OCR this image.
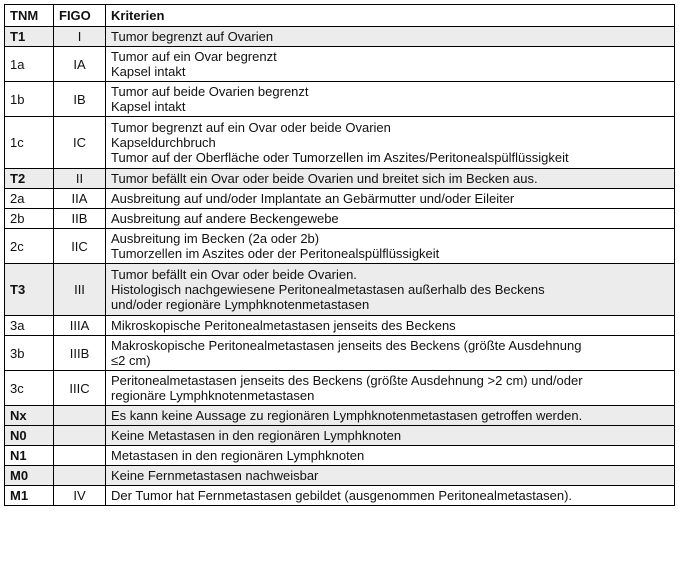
TNM	FIGO	Kriterien
T1	I	Tumor begrenzt auf Ovarien

1a	IA	Tumor auf ein Ovar begrenzt
Kapsel intakt

1b	IB	Tumor auf beide Ovarien begrenzt
Kapsel intakt

1c	IC	Tumor begrenzt auf ein Ovar oder beide Ovarien
Kapseldurchbruch
Tumor auf der Oberfläche oder Tumorzellen im Aszites/Peritonealspülflüssigkeit

T2	II	Tumor befällt ein Ovar oder beide Ovarien und breitet sich im Becken aus.

2a	IIA	Ausbreitung auf und/oder Implantate an Gebärmutter und/oder Eileiter

2b	IIB	Ausbreitung auf andere Beckengewebe

2c	IIC	Ausbreitung im Becken (2a oder 2b)
Tumorzellen im Aszites oder der Peritonealspülflüssigkeit

T3	III	Tumor befällt ein Ovar oder beide Ovarien.
Histologisch nachgewiesene Peritonealmetastasen außerhalb des Beckens
und/oder regionäre Lymphknotenmetastasen

3a	IIIA	Mikroskopische Peritonealmetastasen jenseits des Beckens

3b	IIIB	Makroskopische Peritonealmetastasen jenseits des Beckens (größte Ausdehnung
≤2 cm)

3c	IIIC	Peritonealmetastasen jenseits des Beckens (größte Ausdehnung >2 cm) und/oder
regionäre Lymphknotenmetastasen

Nx		Es kann keine Aussage zu regionären Lymphknotenmetastasen getroffen werden.

N0		Keine Metastasen in den regionären Lymphknoten

N1		Metastasen in den regionären Lymphknoten

M0		Keine Fernmetastasen nachweisbar

M1	IV	Der Tumor hat Fernmetastasen gebildet (ausgenommen Peritonealmetastasen).
